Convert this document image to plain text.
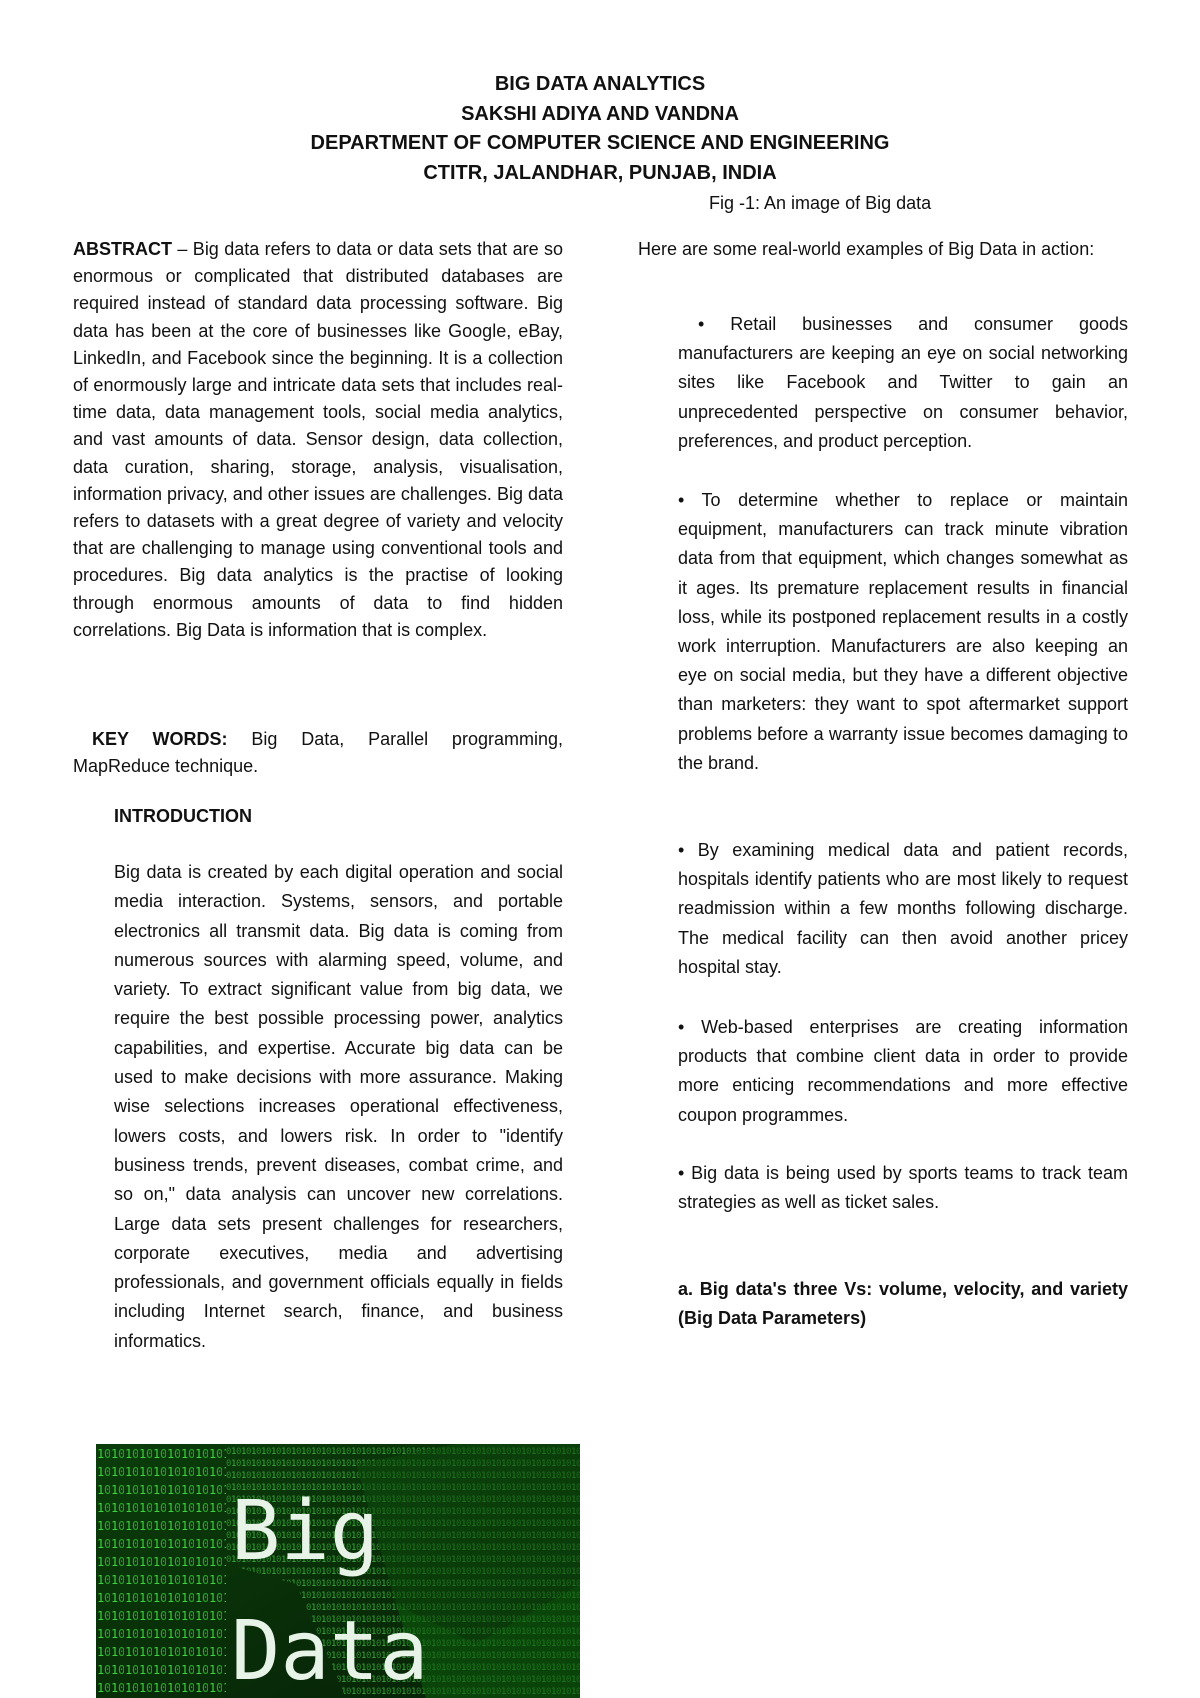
BIG DATA ANALYTICS
SAKSHI ADIYA AND VANDNA
DEPARTMENT OF COMPUTER SCIENCE AND ENGINEERING
CTITR, JALANDHAR, PUNJAB, INDIA
Fig -1: An image of Big data

ABSTRACT – Big data refers to data or data sets that are so enormous or complicated that distributed databases are required instead of standard data processing software. Big data has been at the core of businesses like Google, eBay, LinkedIn, and Facebook since the beginning. It is a collection of enormously large and intricate data sets that includes real-time data, data management tools, social media analytics, and vast amounts of data. Sensor design, data collection, data curation, sharing, storage, analysis, visualisation, information privacy, and other issues are challenges. Big data refers to datasets with a great degree of variety and velocity that are challenging to manage using conventional tools and procedures. Big data analytics is the practise of looking through enormous amounts of data to find hidden correlations. Big Data is information that is complex.

KEY WORDS: Big Data, Parallel programming, MapReduce technique.

INTRODUCTION

Big data is created by each digital operation and social media interaction. Systems, sensors, and portable electronics all transmit data. Big data is coming from numerous sources with alarming speed, volume, and variety. To extract significant value from big data, we require the best possible processing power, analytics capabilities, and expertise. Accurate big data can be used to make decisions with more assurance. Making wise selections increases operational effectiveness, lowers costs, and lowers risk. In order to "identify business trends, prevent diseases, combat crime, and so on," data analysis can uncover new correlations. Large data sets present challenges for researchers, corporate executives, media and advertising professionals, and government officials equally in fields including Internet search, finance, and business informatics.

Big
Data
Here are some real-world examples of Big Data in action:

• Retail businesses and consumer goods manufacturers are keeping an eye on social networking sites like Facebook and Twitter to gain an unprecedented perspective on consumer behavior, preferences, and product perception.

• To determine whether to replace or maintain equipment, manufacturers can track minute vibration data from that equipment, which changes somewhat as it ages. Its premature replacement results in financial loss, while its postponed replacement results in a costly work interruption. Manufacturers are also keeping an eye on social media, but they have a different objective than marketers: they want to spot aftermarket support problems before a warranty issue becomes damaging to the brand.

• By examining medical data and patient records, hospitals identify patients who are most likely to request readmission within a few months following discharge. The medical facility can then avoid another pricey hospital stay.

• Web-based enterprises are creating information products that combine client data in order to provide more enticing recommendations and more effective coupon programmes.

• Big data is being used by sports teams to track team strategies as well as ticket sales.

a. Big data's three Vs: volume, velocity, and variety (Big Data Parameters)
